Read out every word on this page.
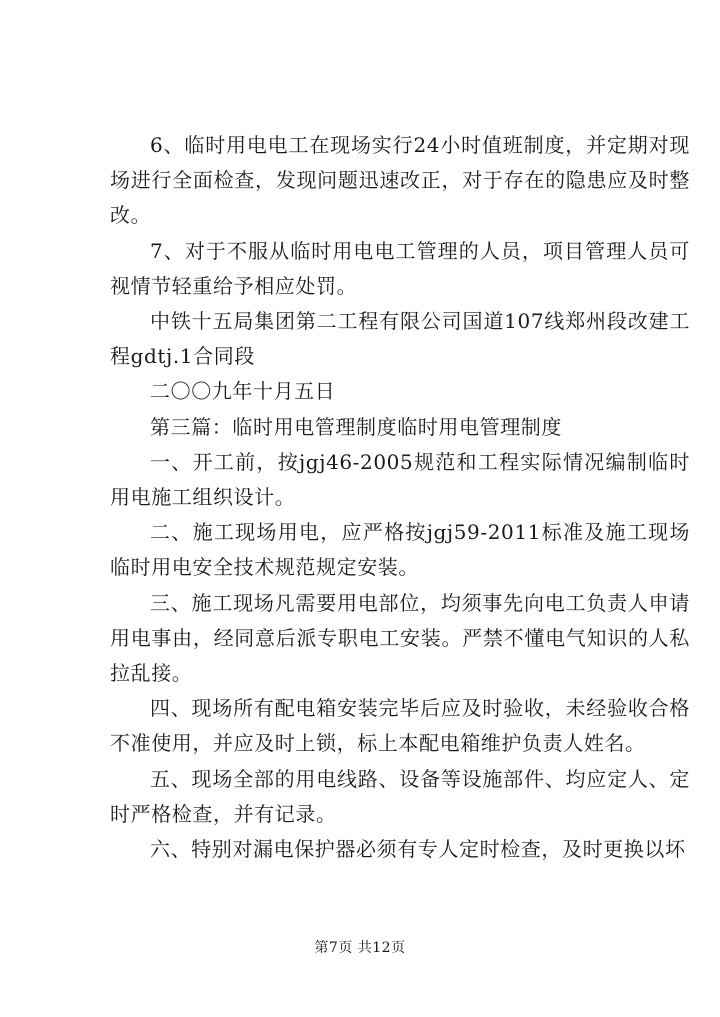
6、临时用电电工在现场实行24小时值班制度，并定期对现场进行全面检查，发现问题迅速改正，对于存在的隐患应及时整改。

7、对于不服从临时用电电工管理的人员，项目管理人员可视情节轻重给予相应处罚。

中铁十五局集团第二工程有限公司国道107线郑州段改建工程gdtj.1合同段

二〇〇九年十月五日

第三篇：临时用电管理制度临时用电管理制度

一、开工前，按jgj46-2005规范和工程实际情况编制临时用电施工组织设计。

二、施工现场用电，应严格按jgj59-2011标准及施工现场临时用电安全技术规范规定安装。

三、施工现场凡需要用电部位，均须事先向电工负责人申请用电事由，经同意后派专职电工安装。严禁不懂电气知识的人私拉乱接。

四、现场所有配电箱安装完毕后应及时验收，未经验收合格不准使用，并应及时上锁，标上本配电箱维护负责人姓名。

五、现场全部的用电线路、设备等设施部件、均应定人、定时严格检查，并有记录。

六、特别对漏电保护器必须有专人定时检查，及时更换以坏

第7页 共12页
